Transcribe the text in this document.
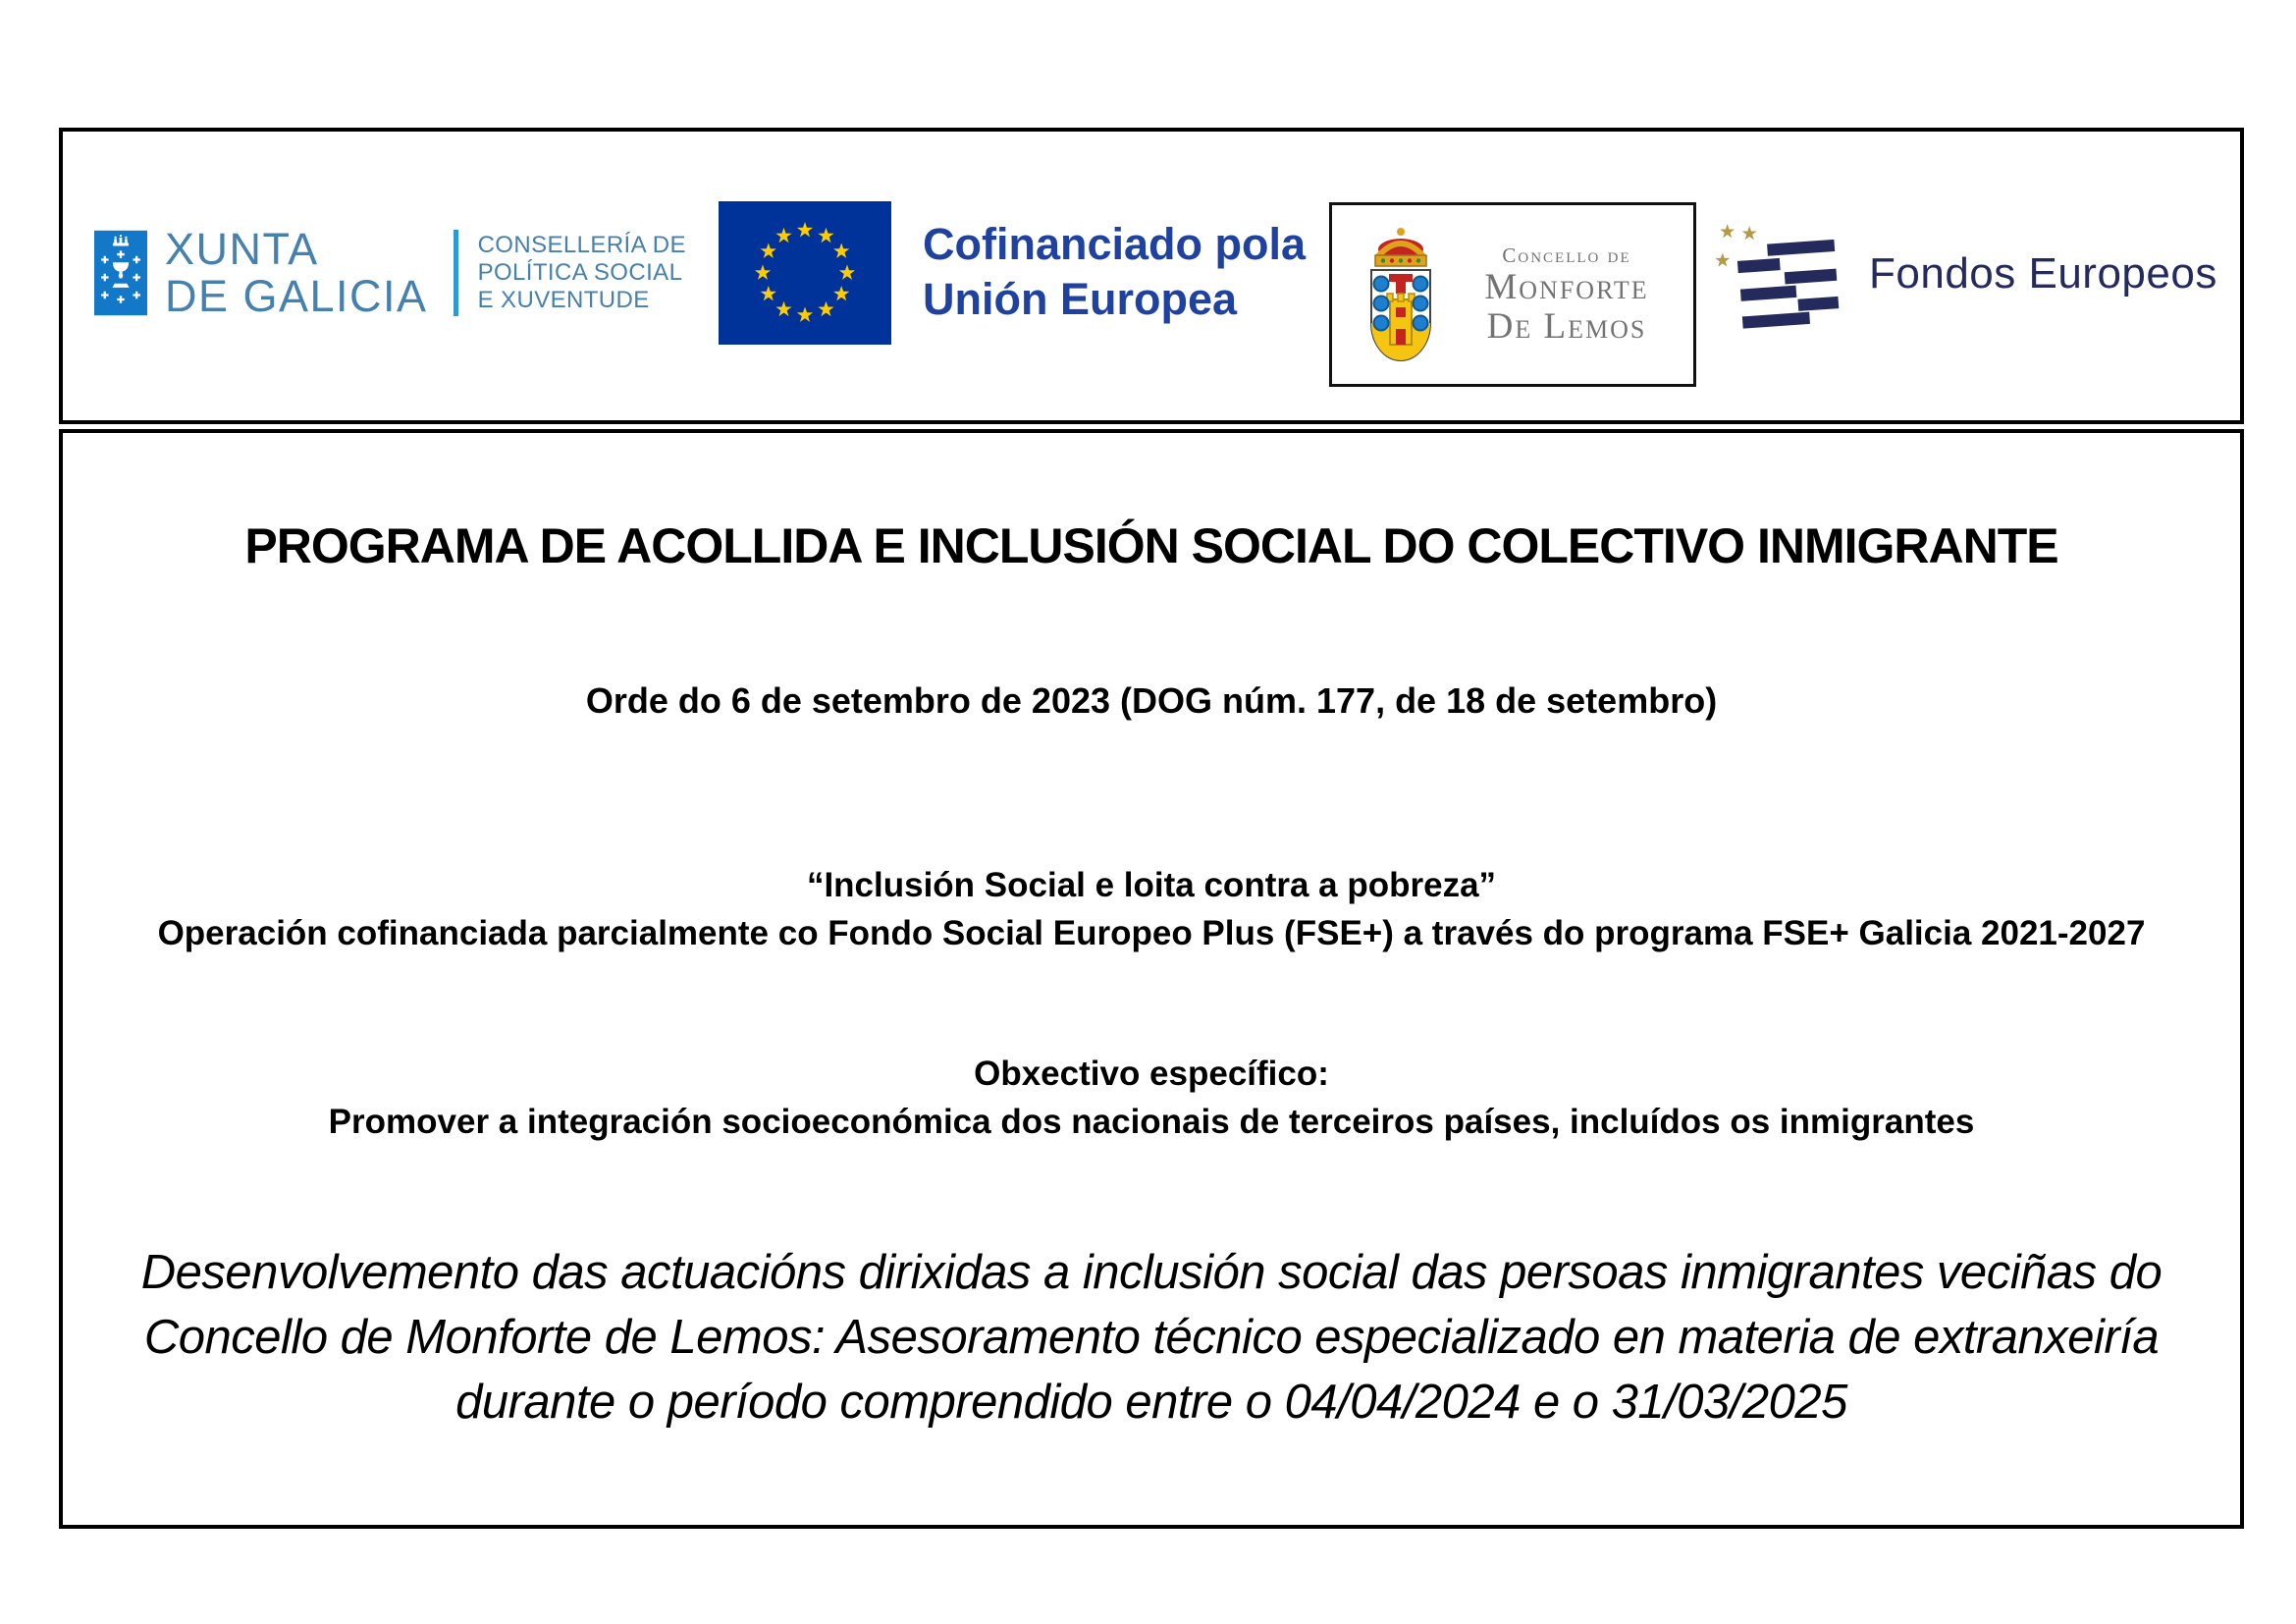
XUNTA
DE GALICIA
CONSELLERÍA DE
POLÍTICA SOCIAL
E XUVENTUDE
Cofinanciado pola
Unión Europea
Concello de
Monforte
De Lemos
Fondos Europeos
PROGRAMA DE ACOLLIDA E INCLUSIÓN SOCIAL DO COLECTIVO INMIGRANTE
Orde do 6 de setembro de 2023 (DOG núm. 177, de 18 de setembro)
“Inclusión Social e loita contra a pobreza”
Operación cofinanciada parcialmente co Fondo Social Europeo Plus (FSE+) a través do programa FSE+ Galicia 2021-2027
Obxectivo específico:
Promover a integración socioeconómica dos nacionais de terceiros países, incluídos os inmigrantes
Desenvolvemento das actuacións dirixidas a inclusión social das persoas inmigrantes veciñas do
Concello de Monforte de Lemos: Asesoramento técnico especializado en materia de extranxeiría
durante o período comprendido entre o 04/04/2024 e o 31/03/2025
